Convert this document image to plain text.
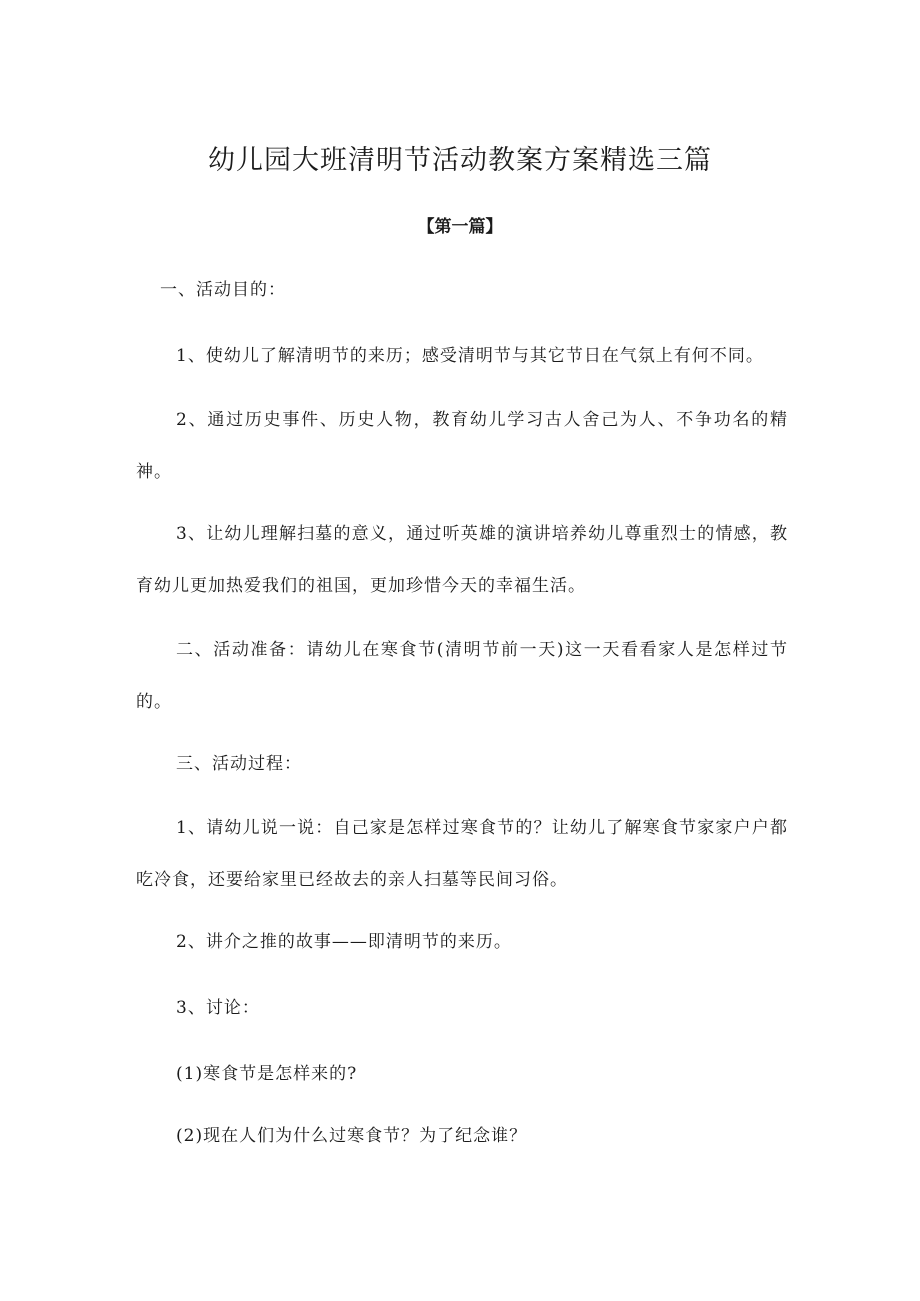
幼儿园大班清明节活动教案方案精选三篇
【第一篇】

一、活动目的：

1、使幼儿了解清明节的来历；感受清明节与其它节日在气氛上有何不同。

2、通过历史事件、历史人物，教育幼儿学习古人舍己为人、不争功名的精神。

3、让幼儿理解扫墓的意义，通过听英雄的演讲培养幼儿尊重烈士的情感，教育幼儿更加热爱我们的祖国，更加珍惜今天的幸福生活。

二、活动准备：请幼儿在寒食节(清明节前一天)这一天看看家人是怎样过节的。

三、活动过程：

1、请幼儿说一说：自己家是怎样过寒食节的？让幼儿了解寒食节家家户户都吃冷食，还要给家里已经故去的亲人扫墓等民间习俗。

2、讲介之推的故事——即清明节的来历。

3、讨论：

(1)寒食节是怎样来的?

(2)现在人们为什么过寒食节？为了纪念谁？
